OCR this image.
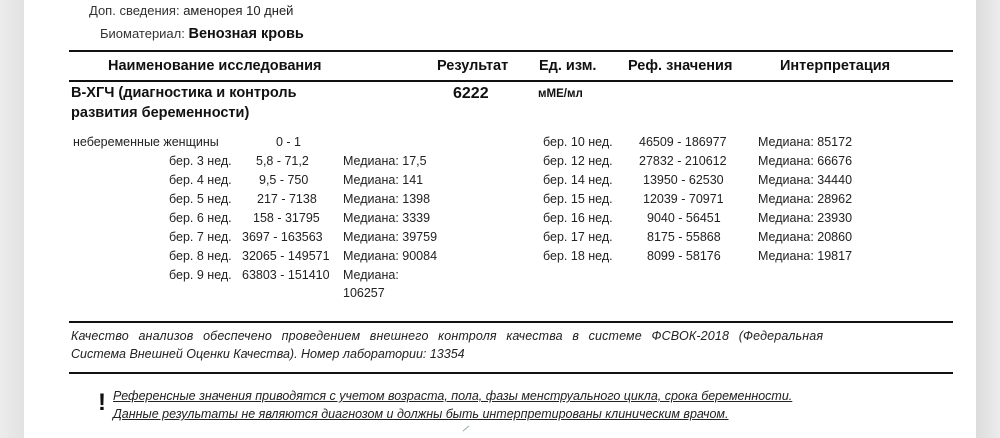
Доп. сведения: аменорея 10 дней
Биоматериал: Венозная кровь
Наименование исследования	Результат Ед. изм. Реф. значения	Интерпретация
B-ХГЧ (диагностика и контроль
развития беременности)
6222	мМЕ/мл
небеременные женщины	0 - 1
бер. 3 нед. 5,8 - 71,2	Медиана: 17,5
бер. 4 нед. 9,5 - 750	Медиана: 141
бер. 5 нед. 217 - 7138 Медиана: 1398
бер. 6 нед. 158 - 31795 Медиана: 3339
бер. 7 нед. 3697 - 163563 Медиана: 39759
бер. 8 нед. 32065 - 149571 Медиана: 90084
бер. 9 нед. 63803 - 151410 Медиана:
106257
бер. 10 нед. 46509 - 186977	Медиана: 85172
бер. 12 нед. 27832 - 210612	Медиана: 66676
бер. 14 нед. 13950 - 62530	Медиана: 34440
бер. 15 нед. 12039 - 70971	Медиана: 28962
бер. 16 нед.	9040 - 56451	Медиана: 23930
бер. 17 нед.	8175 - 55868	Медиана: 20860
бер. 18 нед.	8099 - 58176	Медиана: 19817
Качество анализов обеспечено проведением внешнего контроля качества в системе ФСВОК-2018 (Федеральная
Система Внешней Оценки Качества). Номер лаборатории: 13354
! Референсные значения приводятся с учетом возраста, пола, фазы менструального цикла, срока беременности.
Данные результаты не являются диагнозом и должны быть интерпретированы клиническим врачом.
